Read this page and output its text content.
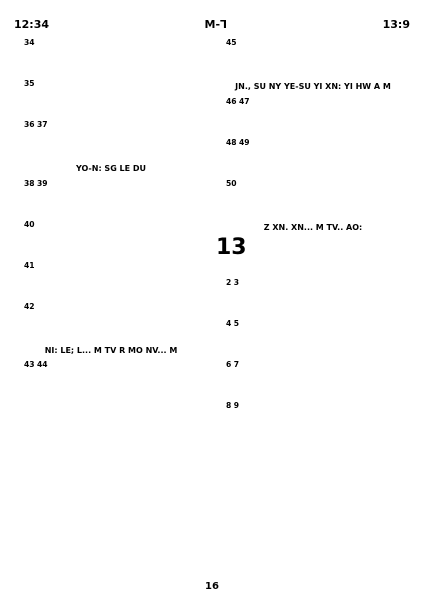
12:34	M-Ꞁ	13:9
34
35
36 37
YO-N: SG LE DU
38 39
40
41
42
NI: LE; L... M TV R MO NV... M
43 44
45
JN., SU NY YE-SU YI XN: YI HW A M
46 47
48 49
50
Z XN. XN... M TV.. AO:
13
2 3
4 5
6 7
8 9
16
